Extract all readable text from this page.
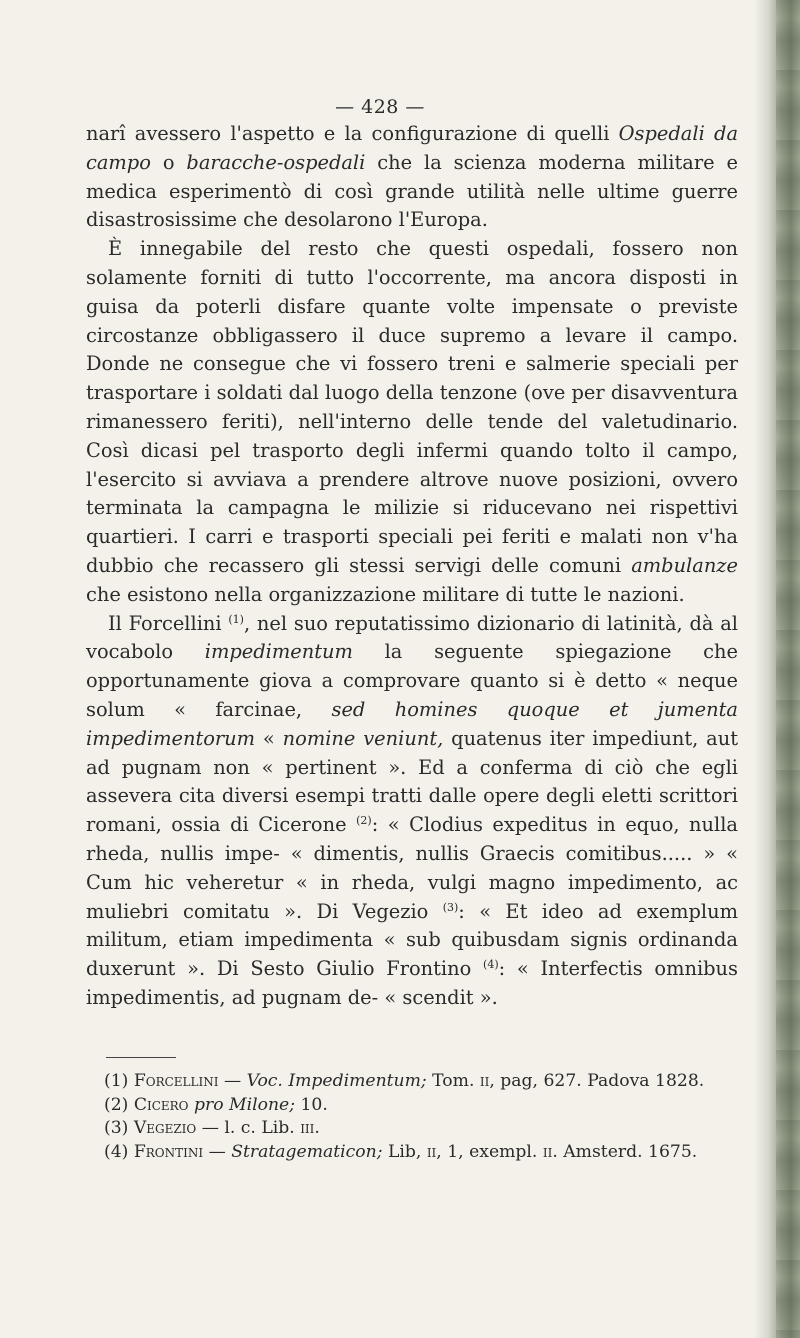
— 428 —

narî avessero l'aspetto e la configurazione di quelli Ospedali da campo o baracche-ospedali che la scienza moderna militare e medica esperimentò di così grande utilità nelle ultime guerre disastrosissime che desolarono l'Europa.

È innegabile del resto che questi ospedali, fossero non solamente forniti di tutto l'occorrente, ma ancora disposti in guisa da poterli disfare quante volte impensate o previste circostanze obbligassero il duce supremo a levare il campo. Donde ne consegue che vi fossero treni e salmerie speciali per trasportare i soldati dal luogo della tenzone (ove per disavventura rimanessero feriti), nell'interno delle tende del valetudinario. Così dicasi pel trasporto degli infermi quando tolto il campo, l'esercito si avviava a prendere altrove nuove posizioni, ovvero terminata la campagna le milizie si riducevano nei rispettivi quartieri. I carri e trasporti speciali pei feriti e malati non v'ha dubbio che recassero gli stessi servigi delle comuni ambulanze che esistono nella organizzazione militare di tutte le nazioni.

Il Forcellini $^{(1)}$, nel suo reputatissimo dizionario di latinità, dà al vocabolo impedimentum la seguente spiegazione che opportunamente giova a comprovare quanto si è detto « neque solum « farcinae, sed homines quoque et jumenta impedimentorum « nomine veniunt, quatenus iter impediunt, aut ad pugnam non « pertinent ». Ed a conferma di ciò che egli assevera cita diversi esempi tratti dalle opere degli eletti scrittori romani, ossia di Cicerone $^{(2)}$: « Clodius expeditus in equo, nulla rheda, nullis impe- « dimentis, nullis Graecis comitibus..... » « Cum hic veheretur « in rheda, vulgi magno impedimento, ac muliebri comitatu ». Di Vegezio $^{(3)}$: « Et ideo ad exemplum militum, etiam impedimenta « sub quibusdam signis ordinanda duxerunt ». Di Sesto Giulio Frontino $^{(4)}$: « Interfectis omnibus impedimentis, ad pugnam de- « scendit ».

(1) Forcellini — Voc. Impedimentum; Tom. ii, pag, 627. Padova 1828.
(2) Cicero pro Milone; 10.
(3) Vegezio — l. c. Lib. iii.
(4) Frontini — Stratagematicon; Lib, ii, 1, exempl. ii. Amsterd. 1675.
